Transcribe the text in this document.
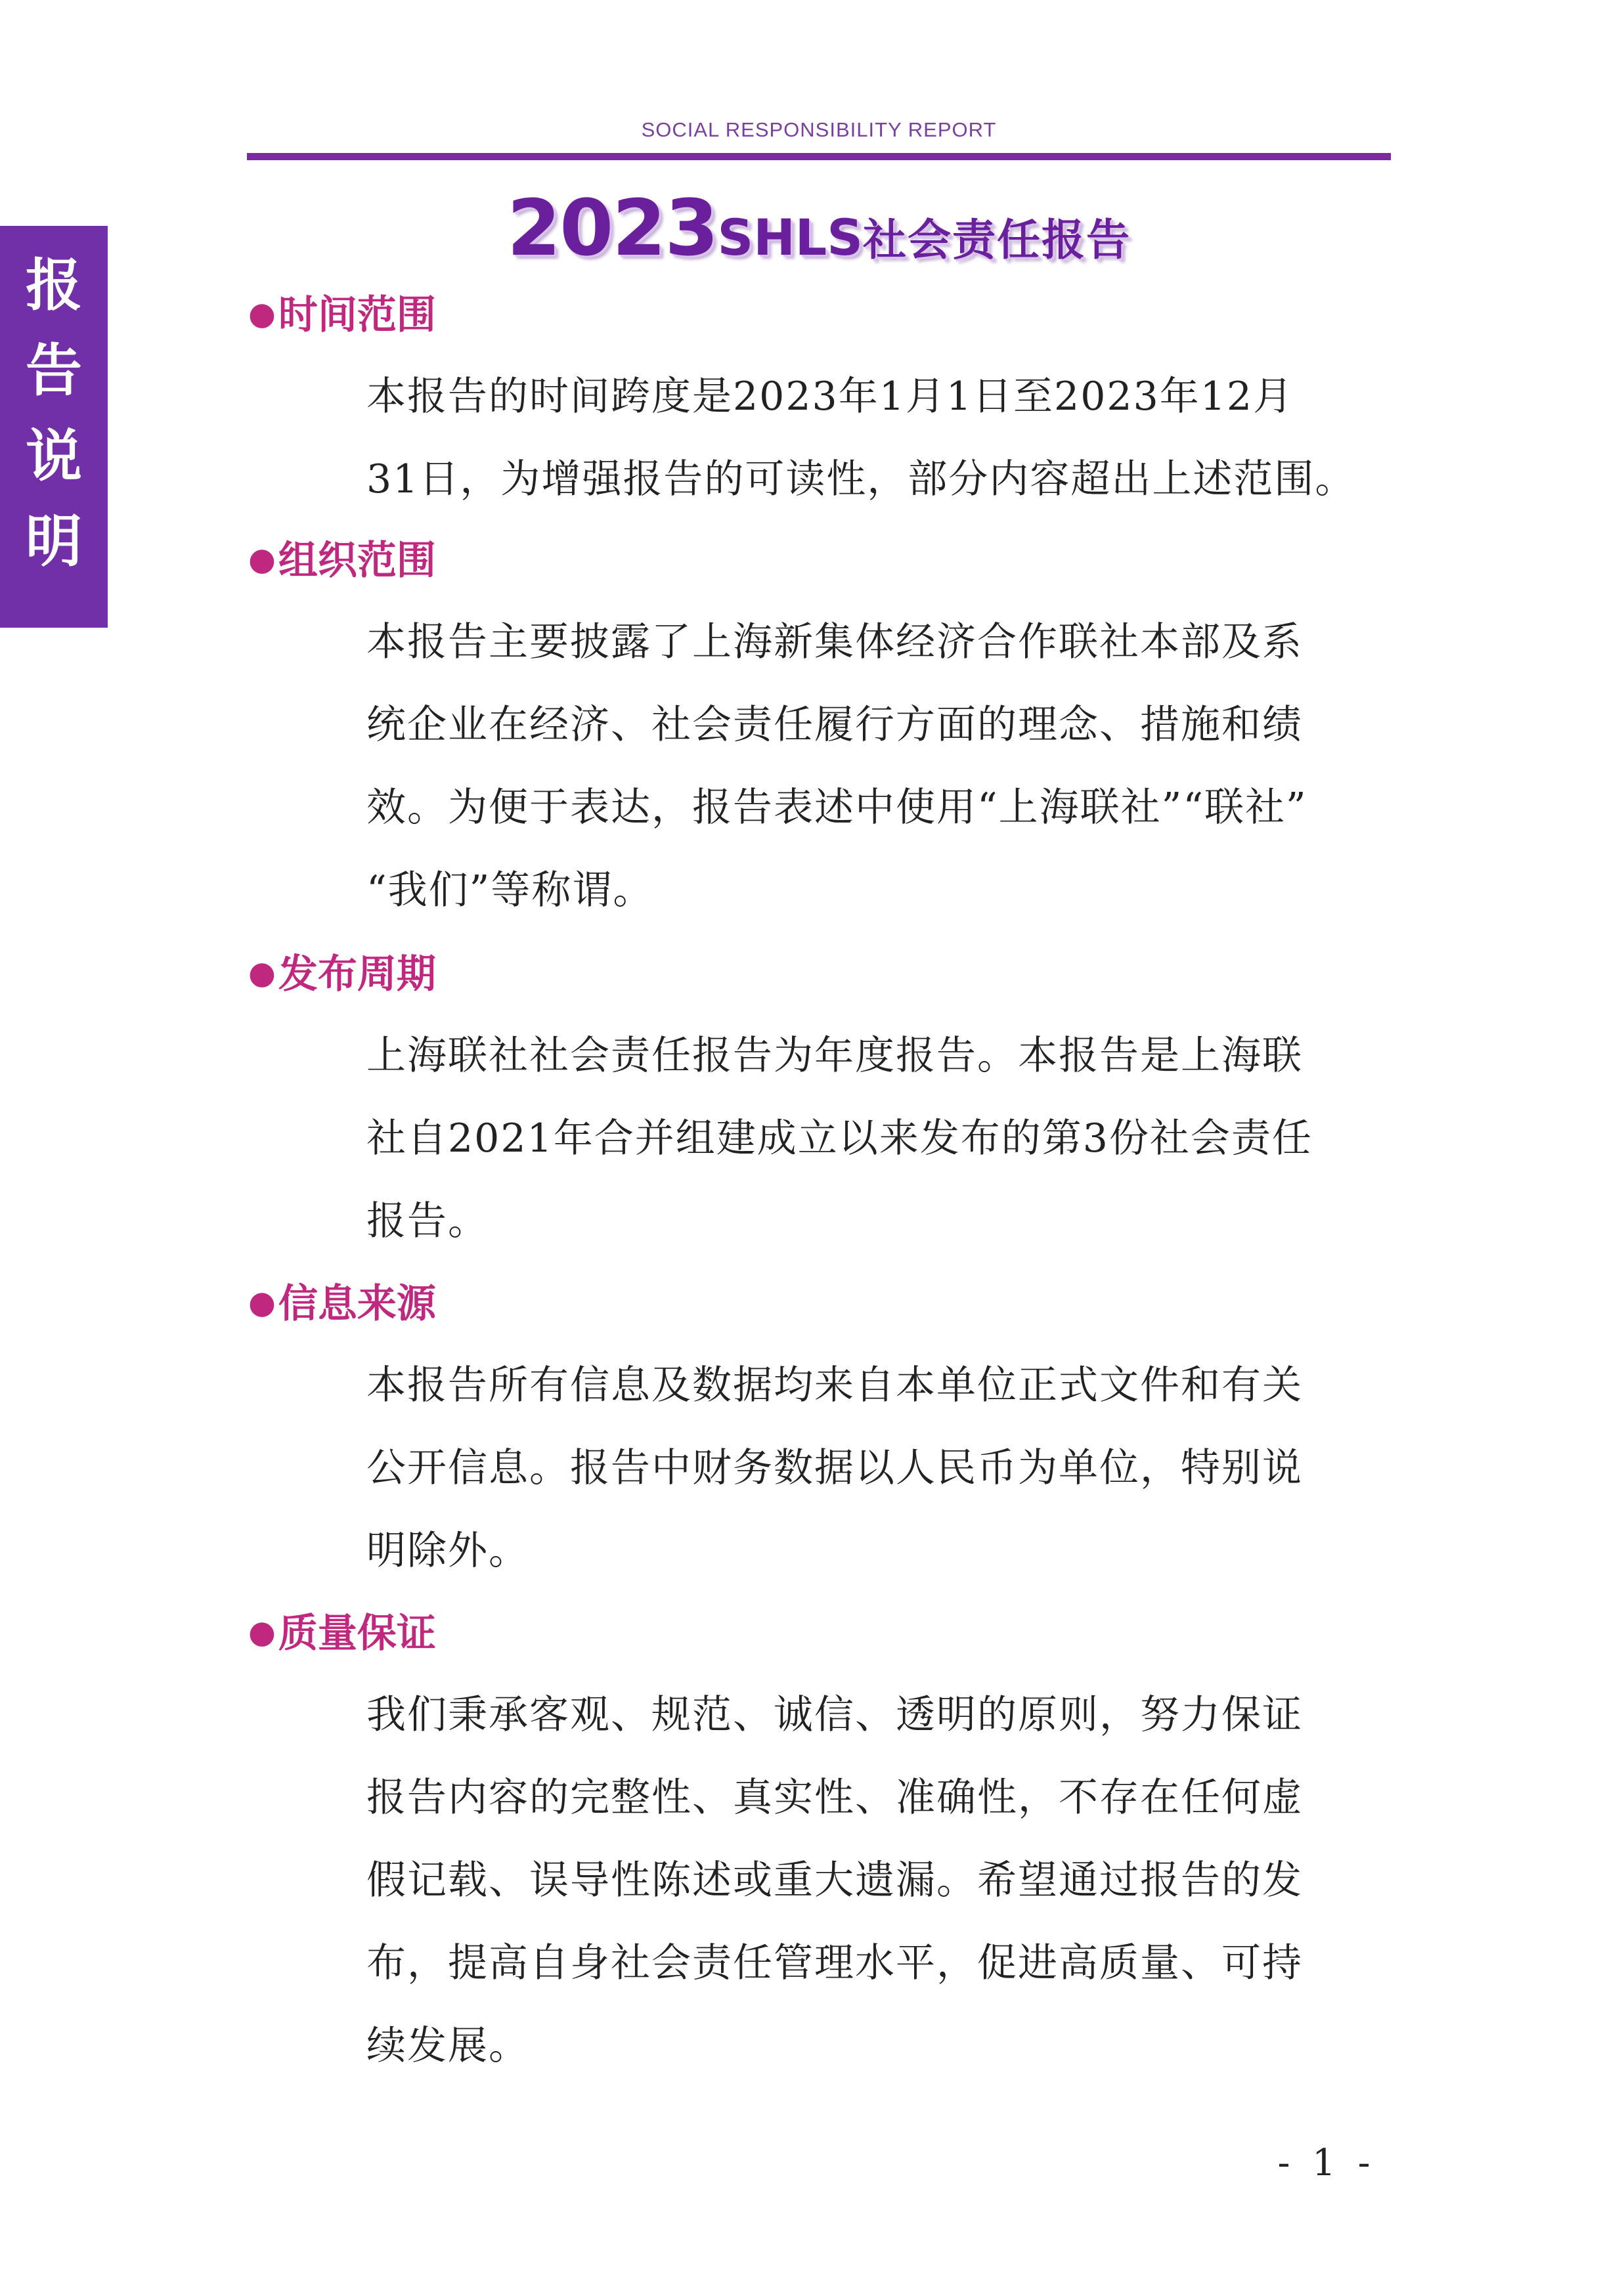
SOCIAL RESPONSIBILITY REPORT
2023SHLS社会责任报告
报
告
说
明
●时间范围
本报告的时间跨度是2023年1月1日至2023年12月
31日，为增强报告的可读性，部分内容超出上述范围。
●组织范围
本报告主要披露了上海新集体经济合作联社本部及系
统企业在经济、社会责任履行方面的理念、措施和绩
效。为便于表达，报告表述中使用“上海联社”“联社”
“我们”等称谓。
●发布周期
上海联社社会责任报告为年度报告。本报告是上海联
社自2021年合并组建成立以来发布的第3份社会责任
报告。
●信息来源
本报告所有信息及数据均来自本单位正式文件和有关
公开信息。报告中财务数据以人民币为单位，特别说
明除外。
●质量保证
我们秉承客观、规范、诚信、透明的原则，努力保证
报告内容的完整性、真实性、准确性，不存在任何虚
假记载、误导性陈述或重大遗漏。希望通过报告的发
布，提高自身社会责任管理水平，促进高质量、可持
续发展。
- 1 -
